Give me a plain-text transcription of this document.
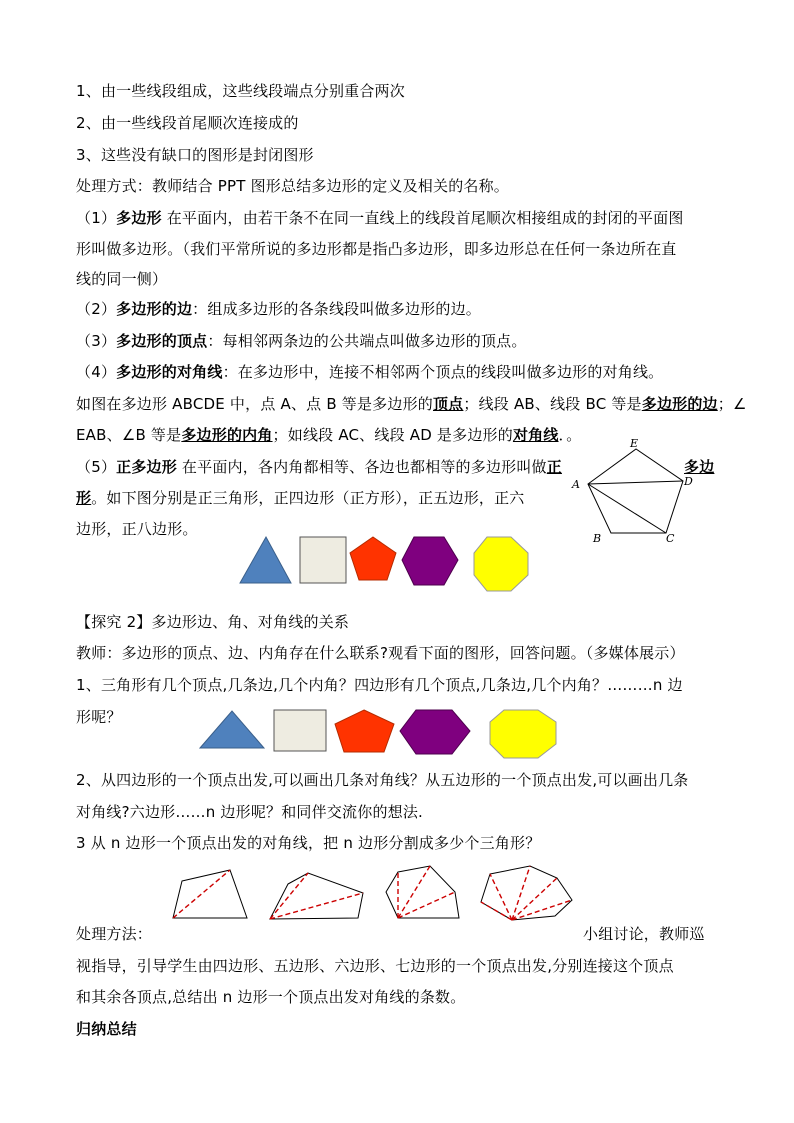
1、由一些线段组成，这些线段端点分别重合两次
2、由一些线段首尾顺次连接成的
3、这些没有缺口的图形是封闭图形
处理方式：教师结合 PPT 图形总结多边形的定义及相关的名称。
（1）多边形 在平面内，由若干条不在同一直线上的线段首尾顺次相接组成的封闭的平面图
形叫做多边形。（我们平常所说的多边形都是指凸多边形，即多边形总在任何一条边所在直
线的同一侧）
（2）多边形的边：组成多边形的各条线段叫做多边形的边。
（3）多边形的顶点：每相邻两条边的公共端点叫做多边形的顶点。
（4）多边形的对角线：在多边形中，连接不相邻两个顶点的线段叫做多边形的对角线。
如图在多边形 ABCDE 中，点 A、点 B 等是多边形的顶点；线段 AB、线段 BC 等是多边形的边；∠
EAB、∠B 等是多边形的内角；如线段 AC、线段 AD 是多边形的对角线．。
（5）正多边形 在平面内，各内角都相等、各边也都相等的多边形叫做正	多边
形。如下图分别是正三角形，正四边形（正方形），正五边形，正六
边形，正八边形。
A
B	C
D
E
【探究 2】多边形边、角、对角线的关系
教师：多边形的顶点、边、内角存在什么联系?观看下面的图形，回答问题。（多媒体展示）
1、三角形有几个顶点,几条边,几个内角？四边形有几个顶点,几条边,几个内角？………n 边
形呢？
2、从四边形的一个顶点出发,可以画出几条对角线？从五边形的一个顶点出发,可以画出几条
对角线?六边形……n 边形呢？和同伴交流你的想法.
3 从 n 边形一个顶点出发的对角线，把 n 边形分割成多少个三角形？
处理方法：	小组讨论，教师巡
视指导，引导学生由四边形、五边形、六边形、七边形的一个顶点出发,分别连接这个顶点
和其余各顶点,总结出 n 边形一个顶点出发对角线的条数。
归纳总结
